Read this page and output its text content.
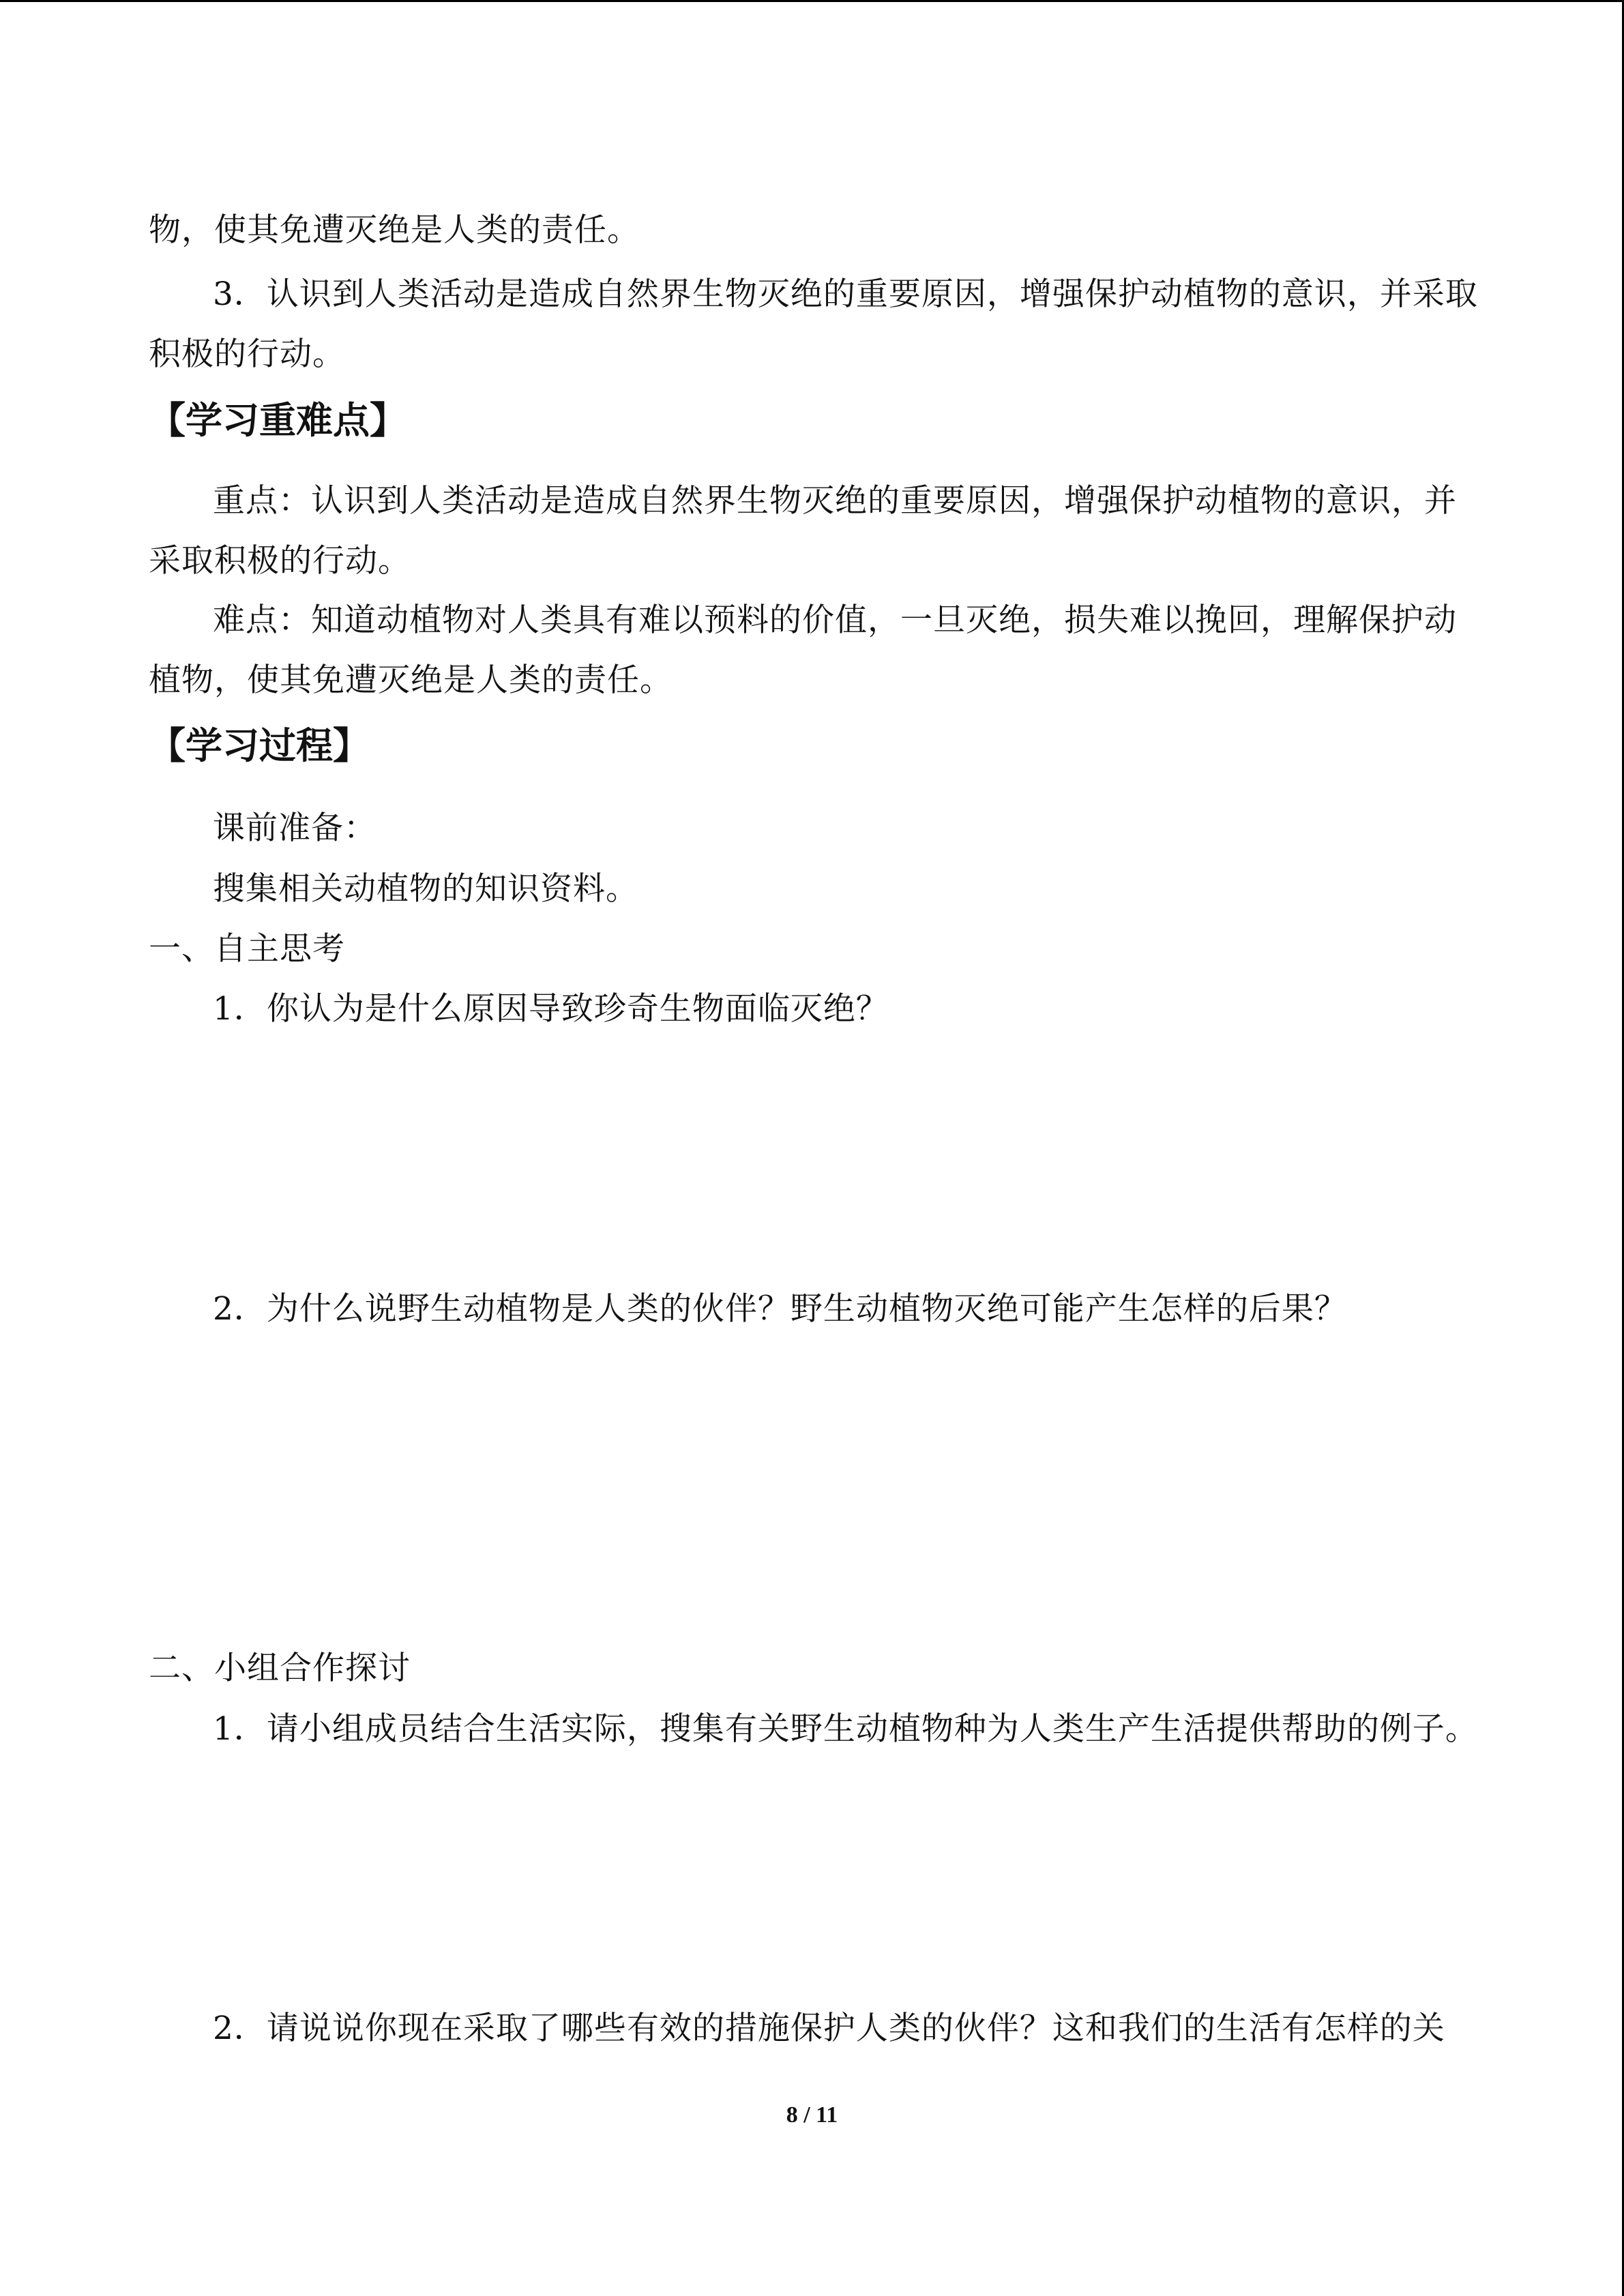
物，使其免遭灭绝是人类的责任。
3．认识到人类活动是造成自然界生物灭绝的重要原因，增强保护动植物的意识，并采取
积极的行动。
【学习重难点】
重点：认识到人类活动是造成自然界生物灭绝的重要原因，增强保护动植物的意识，并
采取积极的行动。
难点：知道动植物对人类具有难以预料的价值，一旦灭绝，损失难以挽回，理解保护动
植物，使其免遭灭绝是人类的责任。
【学习过程】
课前准备：
搜集相关动植物的知识资料。
一、自主思考
1．你认为是什么原因导致珍奇生物面临灭绝？
2．为什么说野生动植物是人类的伙伴？野生动植物灭绝可能产生怎样的后果？
二、小组合作探讨
1．请小组成员结合生活实际，搜集有关野生动植物种为人类生产生活提供帮助的例子。
2．请说说你现在采取了哪些有效的措施保护人类的伙伴？这和我们的生活有怎样的关
8 / 11
